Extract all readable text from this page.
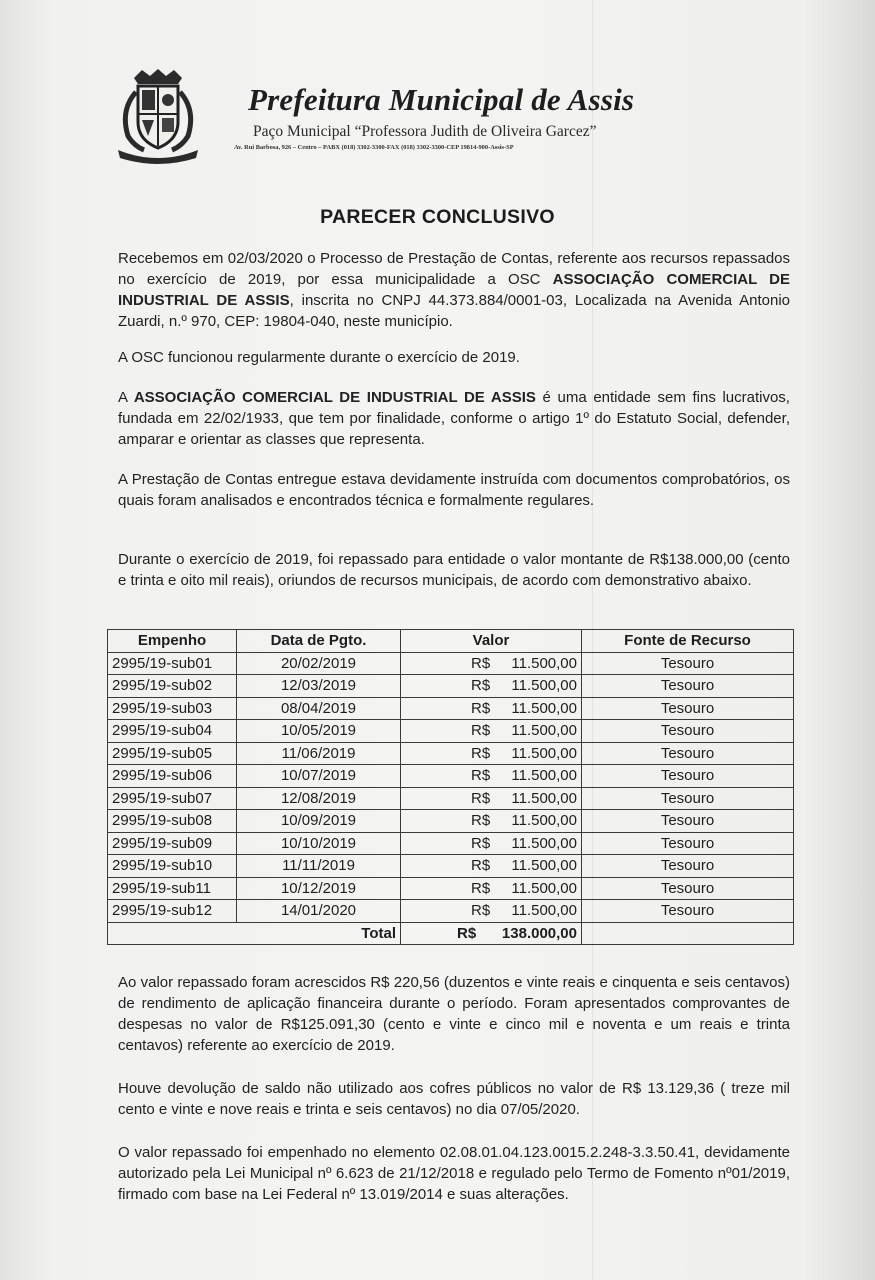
Prefeitura Municipal de Assis
Paço Municipal “Professora Judith de Oliveira Garcez”
Av. Rui Barbosa, 926 – Centro – PABX (018) 3302-3300-FAX (018) 3302-3300-CEP 19814-900-Assis-SP
PARECER CONCLUSIVO
Recebemos em 02/03/2020 o Processo de Prestação de Contas, referente aos recursos repassados no exercício de 2019, por essa municipalidade a OSC ASSOCIAÇÃO COMERCIAL DE INDUSTRIAL DE ASSIS, inscrita no CNPJ 44.373.884/0001-03, Localizada na Avenida Antonio Zuardi, n.º 970, CEP: 19804-040, neste município.
A OSC funcionou regularmente durante o exercício de 2019.
A ASSOCIAÇÃO COMERCIAL DE INDUSTRIAL DE ASSIS é uma entidade sem fins lucrativos, fundada em 22/02/1933, que tem por finalidade, conforme o artigo 1º do Estatuto Social, defender, amparar e orientar as classes que representa.
A Prestação de Contas entregue estava devidamente instruída com documentos comprobatórios, os quais foram analisados e encontrados técnica e formalmente regulares.
Durante o exercício de 2019, foi repassado para entidade o valor montante de R$138.000,00 (cento e trinta e oito mil reais), oriundos de recursos municipais, de acordo com demonstrativo abaixo.
Empenho	Data de Pgto.	Valor	Fonte de Recurso
2995/19-sub01	20/02/2019	R$ 11.500,00	Tesouro
2995/19-sub02	12/03/2019	R$ 11.500,00	Tesouro
2995/19-sub03	08/04/2019	R$ 11.500,00	Tesouro
2995/19-sub04	10/05/2019	R$ 11.500,00	Tesouro
2995/19-sub05	11/06/2019	R$ 11.500,00	Tesouro
2995/19-sub06	10/07/2019	R$ 11.500,00	Tesouro
2995/19-sub07	12/08/2019	R$ 11.500,00	Tesouro
2995/19-sub08	10/09/2019	R$ 11.500,00	Tesouro
2995/19-sub09	10/10/2019	R$ 11.500,00	Tesouro
2995/19-sub10	11/11/2019	R$ 11.500,00	Tesouro
2995/19-sub11	10/12/2019	R$ 11.500,00	Tesouro
2995/19-sub12	14/01/2020	R$ 11.500,00	Tesouro
Total		R$ 138.000,00	

Ao valor repassado foram acrescidos R$ 220,56 (duzentos e vinte reais e cinquenta e seis centavos) de rendimento de aplicação financeira durante o período. Foram apresentados comprovantes de despesas no valor de R$125.091,30 (cento e vinte e cinco mil e noventa e um reais e trinta centavos) referente ao exercício de 2019.
Houve devolução de saldo não utilizado aos cofres públicos no valor de R$ 13.129,36 ( treze mil cento e vinte e nove reais e trinta e seis centavos) no dia 07/05/2020.
O valor repassado foi empenhado no elemento 02.08.01.04.123.0015.2.248-3.3.50.41, devidamente autorizado pela Lei Municipal nº 6.623 de 21/12/2018 e regulado pelo Termo de Fomento nº01/2019, firmado com base na Lei Federal nº 13.019/2014 e suas alterações.
